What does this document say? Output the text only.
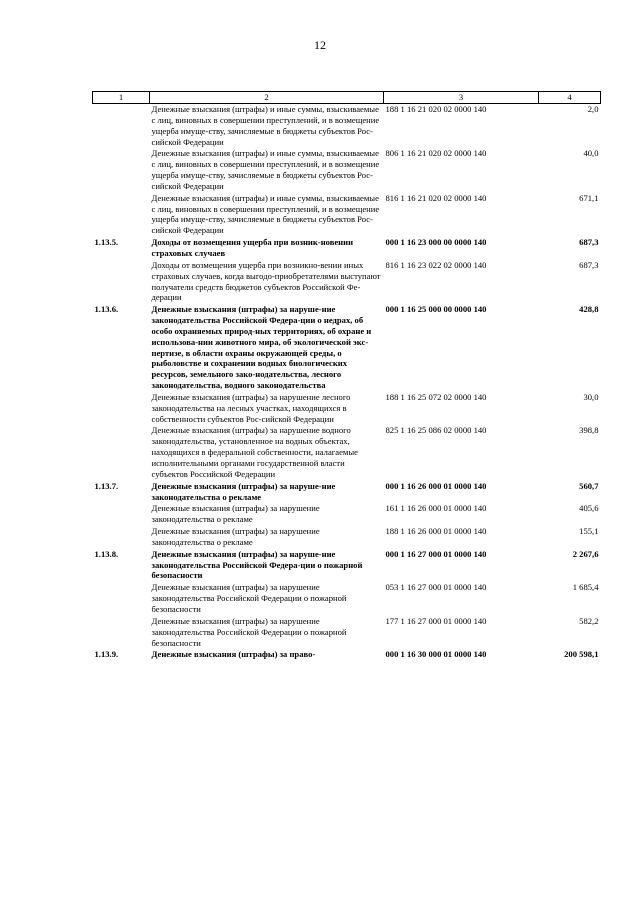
12
1	2	3	4
	Денежные взыскания (штрафы) и иные суммы, взыскиваемые с лиц, виновных в совершении преступлений, и в возмещение ущерба имуще-ству, зачисляемые в бюджеты субъектов Рос-сийской Федерации	188 1 16 21 020 02 0000 140	2,0
	Денежные взыскания (штрафы) и иные суммы, взыскиваемые с лиц, виновных в совершении преступлений, и в возмещение ущерба имуще-ству, зачисляемые в бюджеты субъектов Рос-сийской Федерации	806 1 16 21 020 02 0000 140	40,0
	Денежные взыскания (штрафы) и иные суммы, взыскиваемые с лиц, виновных в совершении преступлений, и в возмещение ущерба имуще-ству, зачисляемые в бюджеты субъектов Рос-сийской Федерации	816 1 16 21 020 02 0000 140	671,1
1.13.5.	Доходы от возмещения ущерба при возник-новении страховых случаев	000 1 16 23 000 00 0000 140	687,3
	Доходы от возмещения ущерба при возникно-вении иных страховых случаев, когда выгодо-приобретателями выступают получатели средств бюджетов субъектов Российской Фе-дерации	816 1 16 23 022 02 0000 140	687,3
1.13.6.	Денежные взыскания (штрафы) за наруше-ние законодательства Российской Федера-ции о недрах, об особо охраняемых природ-ных территориях, об охране и использова-нии животного мира, об экологической экс-пертизе, в области охраны окружающей среды, о рыболовстве и сохранении водных биологических ресурсов, земельного зако-нодательства, лесного законодательства, водного законодательства	000 1 16 25 000 00 0000 140	428,8
	Денежные взыскания (штрафы) за нарушение лесного законодательства на лесных участках, находящихся в собственности субъектов Рос-сийской Федерации	188 1 16 25 072 02 0000 140	30,0
	Денежные взыскания (штрафы) за нарушение водного законодательства, установленное на водных объектах, находящихся в федеральной собственности, налагаемые исполнительными органами государственной власти субъектов Российской Федерации	825 1 16 25 086 02 0000 140	398,8
1.13.7.	Денежные взыскания (штрафы) за наруше-ние законодательства о рекламе	000 1 16 26 000 01 0000 140	560,7
	Денежные взыскания (штрафы) за нарушение законодательства о рекламе	161 1 16 26 000 01 0000 140	405,6
	Денежные взыскания (штрафы) за нарушение законодательства о рекламе	188 1 16 26 000 01 0000 140	155,1
1.13.8.	Денежные взыскания (штрафы) за наруше-ние законодательства Российской Федера-ции о пожарной безопасности	000 1 16 27 000 01 0000 140	2 267,6
	Денежные взыскания (штрафы) за нарушение законодательства Российской Федерации о пожарной безопасности	053 1 16 27 000 01 0000 140	1 685,4
	Денежные взыскания (штрафы) за нарушение законодательства Российской Федерации о пожарной безопасности	177 1 16 27 000 01 0000 140	582,2
1.13.9.	Денежные взыскания (штрафы) за право-	000 1 16 30 000 01 0000 140	200 598,1
